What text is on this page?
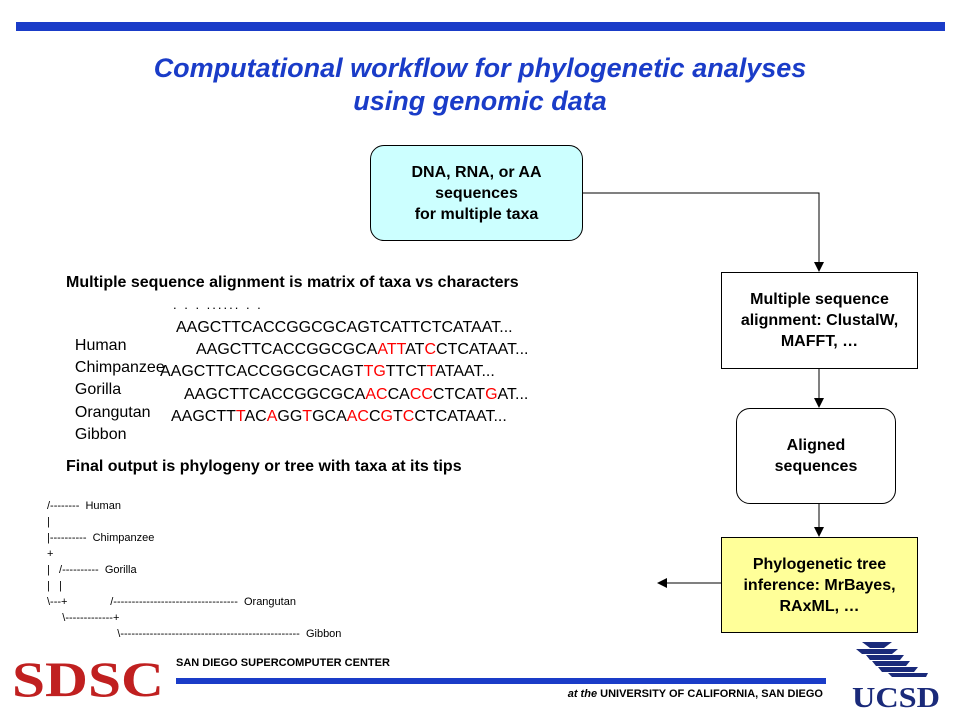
Computational workflow for phylogenetic analyses
using genomic data
DNA, RNA, or AA
sequences
for multiple taxa
Multiple sequence
alignment: ClustalW,
MAFFT, …
Aligned
sequences
Phylogenetic tree
inference: MrBayes,
RAxML, …
Multiple sequence alignment is matrix of taxa vs characters
. . . ...... . .

Human

AAGCTTCACCGGCGCAGTCATTCTCATAAT...

Chimpanzee

AAGCTTCACCGGCGCAATTATCCTCATAAT...

Gorilla

AAGCTTCACCGGCGCAGTTGTTCTTATAAT...

Orangutan

AAGCTTCACCGGCGCAACCACCCTCATGAT...

Gibbon

AAGCTTTACAGGTGCAACCGTCCTCATAAT...

Final output is phylogeny or tree with taxa at its tips
/--------  Human
|
|----------  Chimpanzee
+
|   /----------  Gorilla
|   |
\---+              /----------------------------------  Orangutan
\-------------+
\-------------------------------------------------  Gibbon
SDSC SAN DIEGO SUPERCOMPUTER CENTER
at the UNIVERSITY OF CALIFORNIA, SAN DIEGO UCSD
